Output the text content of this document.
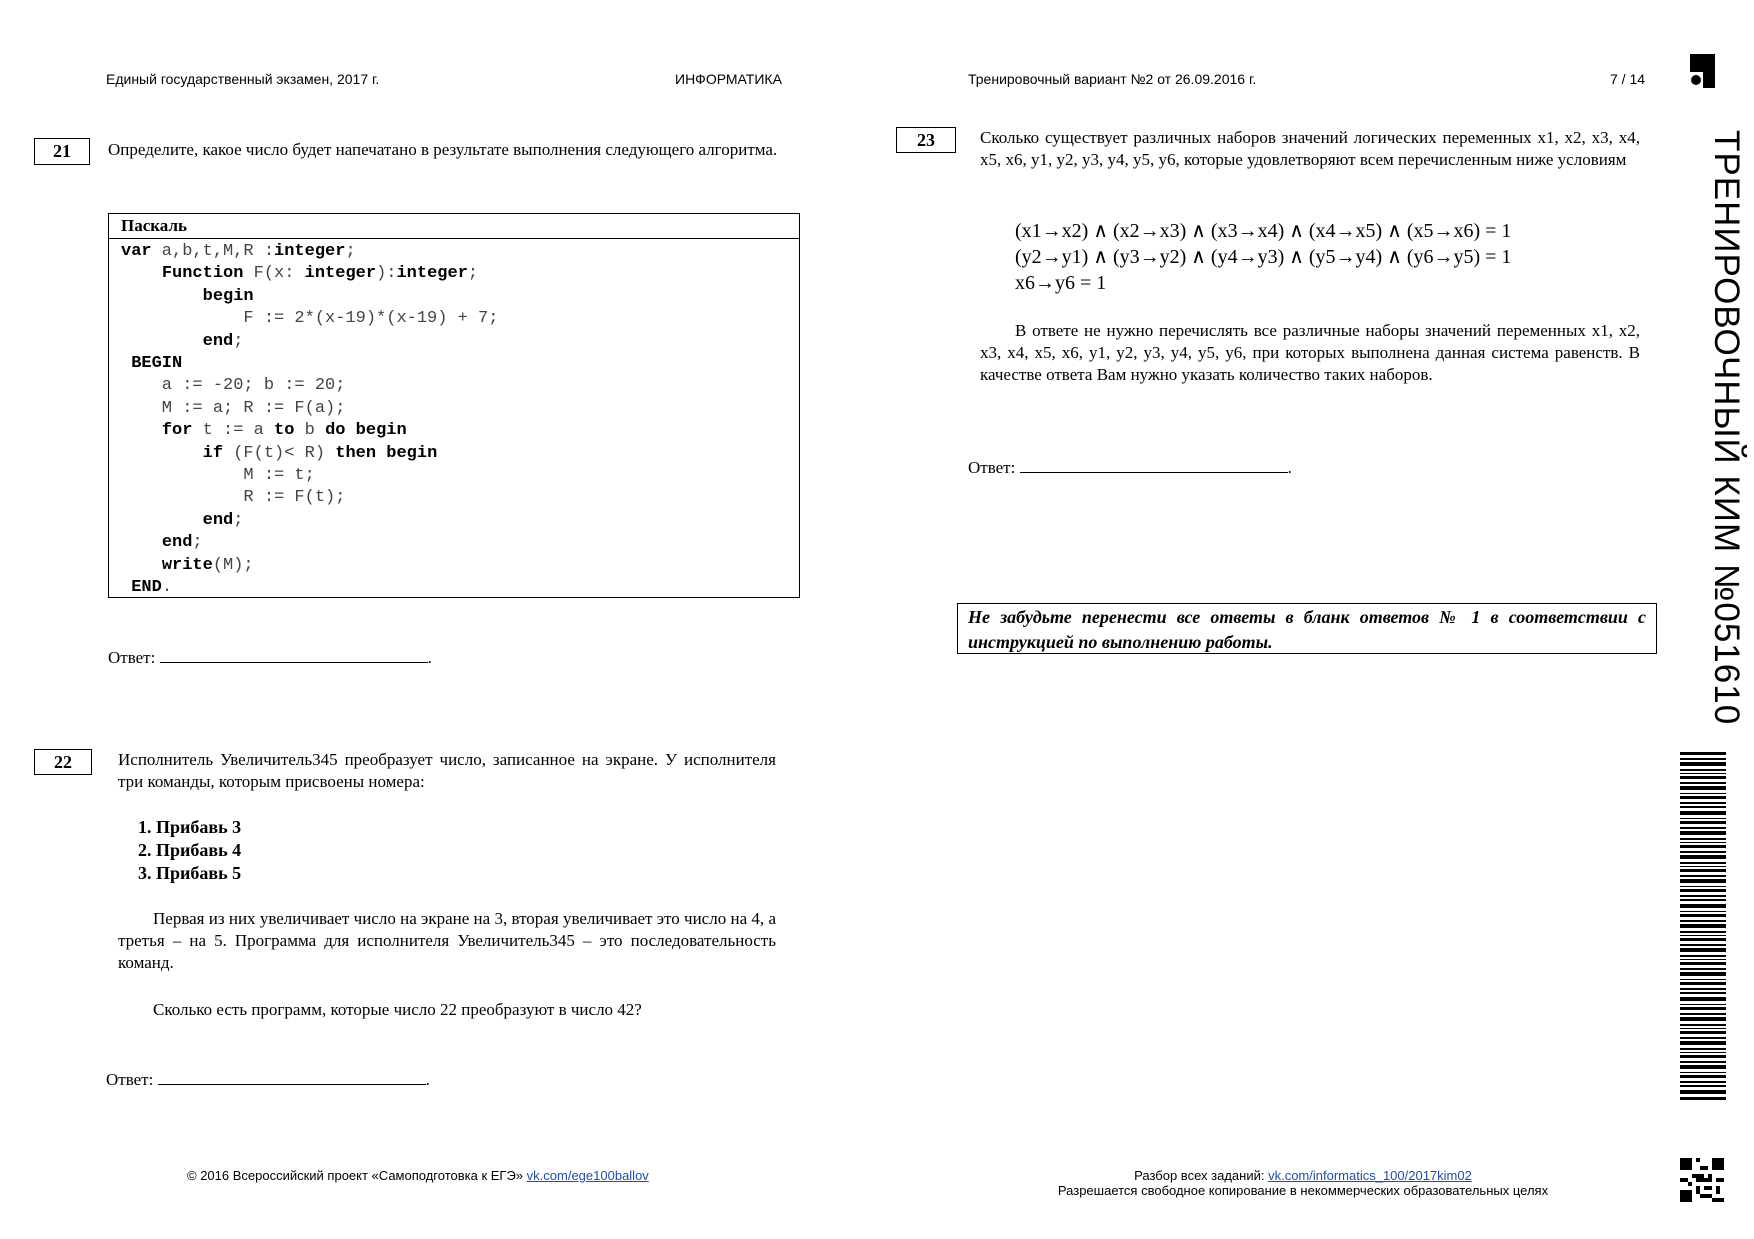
Единый государственный экзамен, 2017 г.	ИНФОРМАТИКА	Тренировочный вариант №2 от 26.09.2016 г.	7 / 14
ТРЕНИРОВОЧНЫЙ КИМ №051610
21	Определите, какое число будет напечатано в результате выполнения следующего алгоритма.
Паскаль
var a,b,t,M,R :integer;
Function F(x: integer):integer;
begin
F := 2*(x-19)*(x-19) + 7;
end;
BEGIN
a := -20; b := 20;
M := a; R := F(a);
for t := a to b do begin
if (F(t)< R) then begin
M := t;
R := F(t);
end;
end;
write(M);
END.
Ответ:	.
22	Исполнитель Увеличитель345 преобразует число, записанное на экране. У исполнителя три команды, которым присвоены номера:
1. Прибавь 3
2. Прибавь 4
3. Прибавь 5
Первая из них увеличивает число на экране на 3, вторая увеличивает это число на 4, а третья – на 5. Программа для исполнителя Увеличитель345 – это последовательность команд.
Сколько есть программ, которые число 22 преобразуют в число 42?
Ответ:	.
23	Сколько существует различных наборов значений логических переменных x1, x2, x3, x4, x5, x6, y1, y2, y3, y4, y5, y6, которые удовлетворяют всем перечисленным ниже условиям
(x1→x2) ∧ (x2→x3) ∧ (x3→x4) ∧ (x4→x5) ∧ (x5→x6) = 1
(y2→y1) ∧ (y3→y2) ∧ (y4→y3) ∧ (y5→y4) ∧ (y6→y5) = 1
x6→y6 = 1
В ответе не нужно перечислять все различные наборы значений переменных x1, x2, x3, x4, x5, x6, y1, y2, y3, y4, y5, y6, при которых выполнена данная система равенств. В качестве ответа Вам нужно указать количество таких наборов.
Ответ:	.
Не забудьте перенести все ответы в бланк ответов № 1 в соответствии с инструкцией по выполнению работы.
© 2016 Всероссийский проект «Самоподготовка к ЕГЭ» vk.com/ege100ballov	Разбор всех заданий: vk.com/informatics_100/2017kim02
Разрешается свободное копирование в некоммерческих образовательных целях
